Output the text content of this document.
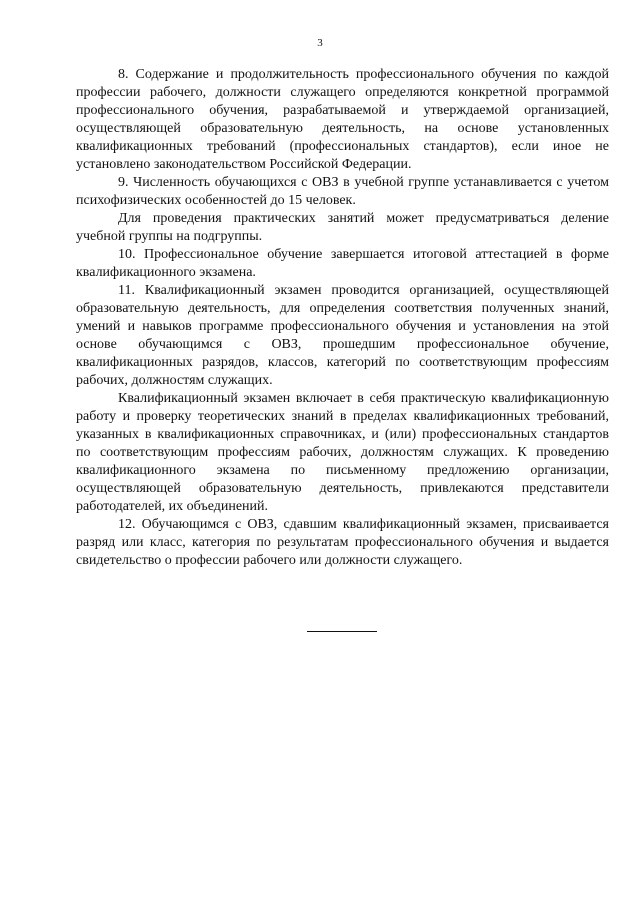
3

8. Содержание и продолжительность профессионального обучения по каждой профессии рабочего, должности служащего определяются конкретной программой профессионального обучения, разрабатываемой и утверждаемой организацией, осуществляющей образовательную деятельность, на основе установленных квалификационных требований (профессиональных стандартов), если иное не установлено законодательством Российской Федерации.

9. Численность обучающихся с ОВЗ в учебной группе устанавливается с учетом психофизических особенностей до 15 человек.

Для проведения практических занятий может предусматриваться деление учебной группы на подгруппы.

10. Профессиональное обучение завершается итоговой аттестацией в форме квалификационного экзамена.

11. Квалификационный экзамен проводится организацией, осуществляющей образовательную деятельность, для определения соответствия полученных знаний, умений и навыков программе профессионального обучения и установления на этой основе обучающимся с ОВЗ, прошедшим профессиональное обучение, квалификационных разрядов, классов, категорий по соответствующим профессиям рабочих, должностям служащих.

Квалификационный экзамен включает в себя практическую квалификационную работу и проверку теоретических знаний в пределах квалификационных требований, указанных в квалификационных справочниках, и (или) профессиональных стандартов по соответствующим профессиям рабочих, должностям служащих. К проведению квалификационного экзамена по письменному предложению организации, осуществляющей образовательную деятельность, привлекаются представители работодателей, их объединений.

12. Обучающимся с ОВЗ, сдавшим квалификационный экзамен, присваивается разряд или класс, категория по результатам профессионального обучения и выдается свидетельство о профессии рабочего или должности служащего.
